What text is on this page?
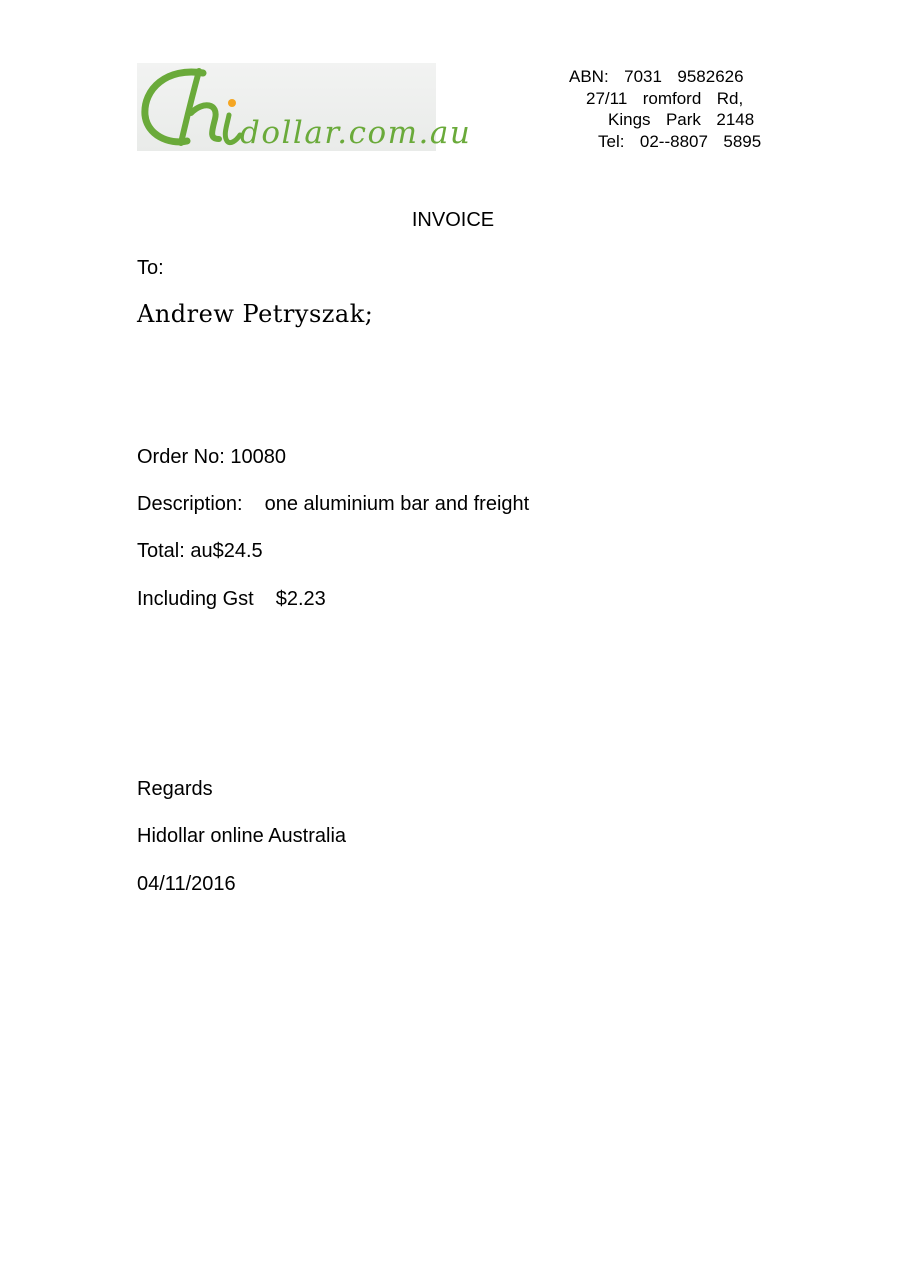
dollar.com.au
ABN:  7031  9582626
27/11  romford  Rd,
Kings  Park  2148
Tel:  02--8807  5895
INVOICE
To:
Andrew Petryszak;
Order No: 10080
Description: one aluminium bar and freight
Total: au$24.5
Including Gst $2.23
Regards
Hidollar online Australia
04/11/2016
